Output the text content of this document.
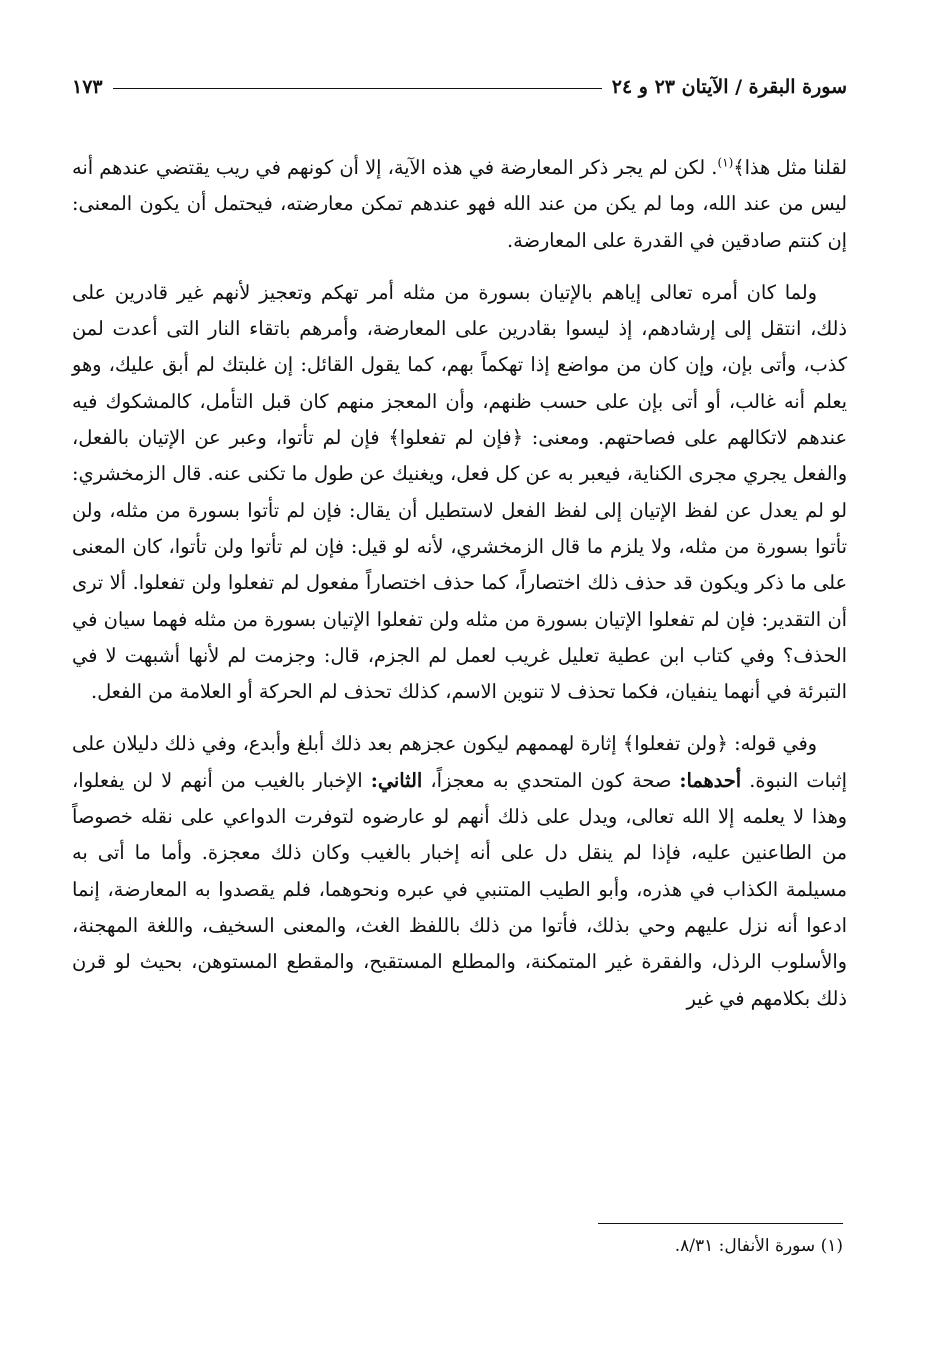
سورة البقرة / الآيتان ٢٣ و ٢٤
١٧٣

لقلنا مثل هذا﴾$^{(١)}$. لكن لم يجر ذكر المعارضة في هذه الآية، إلا أن كونهم في ريب يقتضي عندهم أنه ليس من عند الله، وما لم يكن من عند الله فهو عندهم تمكن معارضته، فيحتمل أن يكون المعنى: إن كنتم صادقين في القدرة على المعارضة.

ولما كان أمره تعالى إياهم بالإتيان بسورة من مثله أمر تهكم وتعجيز لأنهم غير قادرين على ذلك، انتقل إلى إرشادهم، إذ ليسوا بقادرين على المعارضة، وأمرهم باتقاء النار التى أعدت لمن كذب، وأتى بإن، وإن كان من مواضع إذا تهكماً بهم، كما يقول القائل: إن غلبتك لم أبق عليك، وهو يعلم أنه غالب، أو أتى بإن على حسب ظنهم، وأن المعجز منهم كان قبل التأمل، كالمشكوك فيه عندهم لاتكالهم على فصاحتهم. ومعنى: ﴿فإن لم تفعلوا﴾ فإن لم تأتوا، وعبر عن الإتيان بالفعل، والفعل يجري مجرى الكناية، فيعبر به عن كل فعل، ويغنيك عن طول ما تكنى عنه. قال الزمخشري: لو لم يعدل عن لفظ الإتيان إلى لفظ الفعل لاستطيل أن يقال: فإن لم تأتوا بسورة من مثله، ولن تأتوا بسورة من مثله، ولا يلزم ما قال الزمخشري، لأنه لو قيل: فإن لم تأتوا ولن تأتوا، كان المعنى على ما ذكر ويكون قد حذف ذلك اختصاراً، كما حذف اختصاراً مفعول لم تفعلوا ولن تفعلوا. ألا ترى أن التقدير: فإن لم تفعلوا الإتيان بسورة من مثله ولن تفعلوا الإتيان بسورة من مثله فهما سيان في الحذف؟ وفي كتاب ابن عطية تعليل غريب لعمل لم الجزم، قال: وجزمت لم لأنها أشبهت لا في التبرئة في أنهما ينفيان، فكما تحذف لا تنوين الاسم، كذلك تحذف لم الحركة أو العلامة من الفعل.

وفي قوله: ﴿ولن تفعلوا﴾ إثارة لهممهم ليكون عجزهم بعد ذلك أبلغ وأبدع، وفي ذلك دليلان على إثبات النبوة. أحدهما: صحة كون المتحدي به معجزاً، الثاني: الإخبار بالغيب من أنهم لا لن يفعلوا، وهذا لا يعلمه إلا الله تعالى، ويدل على ذلك أنهم لو عارضوه لتوفرت الدواعي على نقله خصوصاً من الطاعنين عليه، فإذا لم ينقل دل على أنه إخبار بالغيب وكان ذلك معجزة. وأما ما أتى به مسيلمة الكذاب في هذره، وأبو الطيب المتنبي في عبره ونحوهما، فلم يقصدوا به المعارضة، إنما ادعوا أنه نزل عليهم وحي بذلك، فأتوا من ذلك باللفظ الغث، والمعنى السخيف، واللغة المهجنة، والأسلوب الرذل، والفقرة غير المتمكنة، والمطلع المستقبح، والمقطع المستوهن، بحيث لو قرن ذلك بكلامهم في غير

(١) سورة الأنفال: ٨/٣١.
